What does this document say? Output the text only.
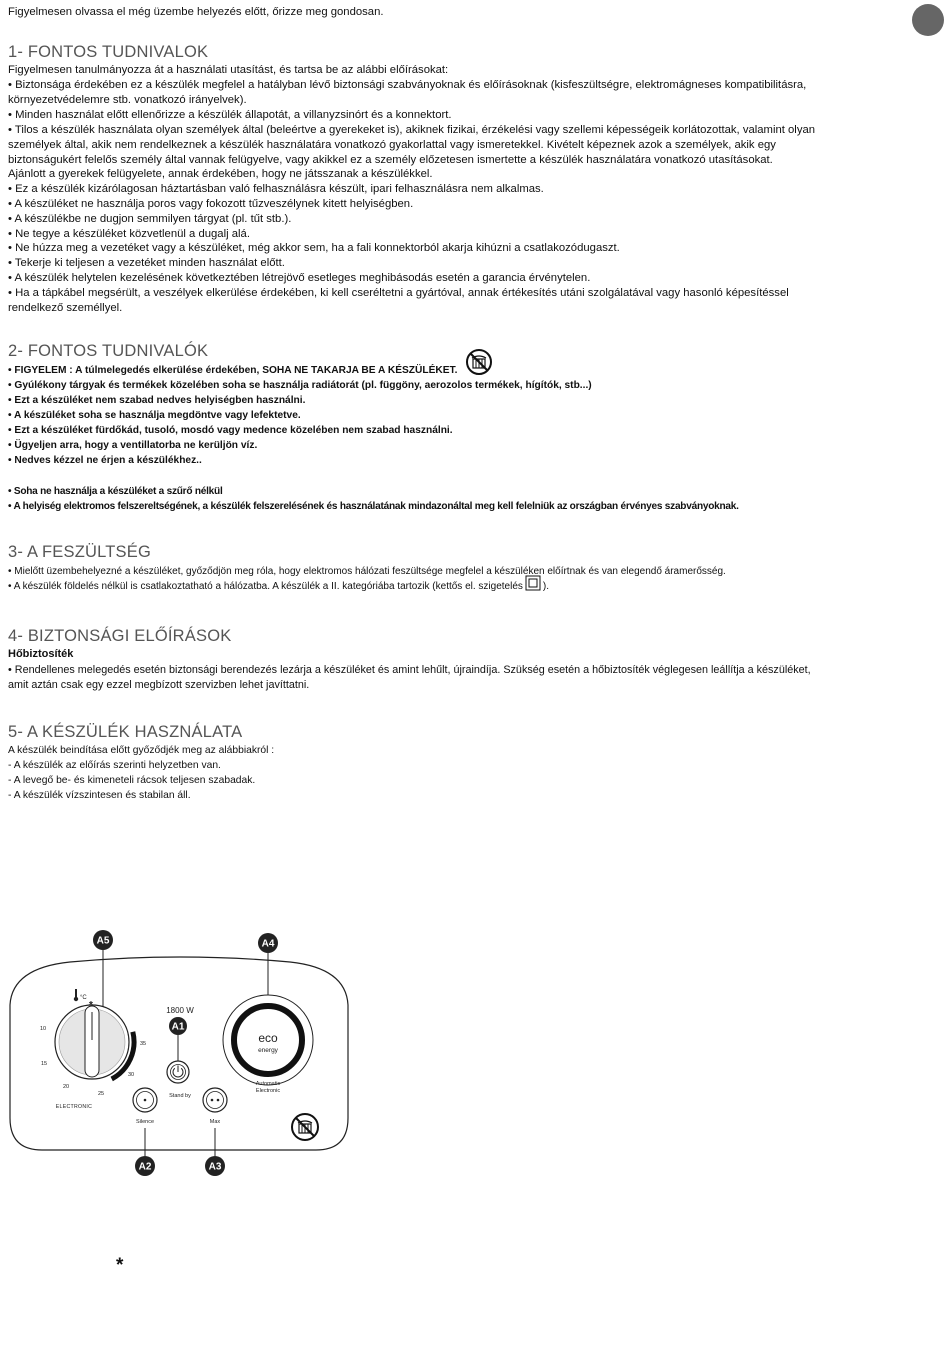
Figyelmesen olvassa el még üzembe helyezés előtt, őrizze meg gondosan.
1- FONTOS TUDNIVALOK
Figyelmesen tanulmányozza át a használati utasítást, és tartsa be az alábbi előírásokat:
• Biztonsága érdekében ez a készülék megfelel a hatályban lévő biztonsági szabványoknak és előírásoknak (kisfeszültségre, elektromágneses kompatibilitásra,
környezetvédelemre stb. vonatkozó irányelvek).
• Minden használat előtt ellenőrizze a készülék állapotát, a villanyzsinórt és a konnektort.
• Tilos a készülék használata olyan személyek által (beleértve a gyerekeket is), akiknek fizikai, érzékelési vagy szellemi képességeik korlátozottak, valamint olyan
személyek által, akik nem rendelkeznek a készülék használatára vonatkozó gyakorlattal vagy ismeretekkel. Kivételt képeznek azok a személyek, akik egy
biztonságukért felelős személy által vannak felügyelve, vagy akikkel ez a személy előzetesen ismertette a készülék használatára vonatkozó utasításokat.
Ajánlott a gyerekek felügyelete, annak érdekében, hogy ne játsszanak a készülékkel.
• Ez a készülék kizárólagosan háztartásban való felhasználásra készült, ipari felhasználásra nem alkalmas.
• A készüléket ne használja poros vagy fokozott tűzveszélynek kitett helyiségben.
• A készülékbe ne dugjon semmilyen tárgyat (pl. tűt stb.).
• Ne tegye a készüléket közvetlenül a dugalj alá.
• Ne húzza meg a vezetéket vagy a készüléket, még akkor sem, ha a fali konnektorból akarja kihúzni a csatlakozódugaszt.
• Tekerje ki teljesen a vezetéket minden használat előtt.
• A készülék helytelen kezelésének következtében létrejövő esetleges meghibásodás esetén a garancia érvénytelen.
• Ha a tápkábel megsérült, a veszélyek elkerülése érdekében, ki kell cseréltetni a gyártóval, annak értékesítés utáni szolgálatával vagy hasonló képesítéssel
rendelkező személlyel.
2- FONTOS TUDNIVALÓK
• FIGYELEM : A túlmelegedés elkerülése érdekében, SOHA NE TAKARJA BE A KÉSZÜLÉKET.
• Gyúlékony tárgyak és termékek közelében soha se használja radiátorát (pl. függöny, aerozolos termékek, hígítók, stb...)
• Ezt a készüléket nem szabad nedves helyiségben használni.
• A készüléket soha se használja megdöntve vagy lefektetve.
• Ezt a készüléket fürdőkád, tusoló, mosdó vagy medence közelében nem szabad használni.
• Ügyeljen arra, hogy a ventillatorba ne kerüljön víz.
• Nedves kézzel ne érjen a készülékhez..
• Soha ne használja a készüléket a szűrő nélkül
• A helyiség elektromos felszereltségének, a készülék felszerelésének és használatának mindazonáltal meg kell felelniük az országban érvényes szabványoknak.
3- A FESZÜLTSÉG
• Mielőtt üzembehelyezné a készüléket, győződjön meg róla, hogy elektromos hálózati feszültsége megfelel a készüléken előírtnak és van elegendő áramerősség.
• A készülék földelés nélkül is csatlakoztatható a hálózatba. A készülék a II. kategóriába tartozik (kettős el. szigetelés ).
4- BIZTONSÁGI ELŐÍRÁSOK
Hőbiztosíték
• Rendellenes melegedés esetén biztonsági berendezés lezárja a készüléket és amint lehűlt, újraindíja. Szükség esetén a hőbiztosíték véglegesen leállítja a készüléket,
amit aztán csak egy ezzel megbízott szervizben lehet javíttatni.
5- A KÉSZÜLÉK HASZNÁLATA
A készülék beindítása előtt győződjék meg az alábbiakról :
- A készülék az előírás szerinti helyzetben van.
- A levegő be- és kimeneteli rácsok teljesen szabadak.
- A készülék vízszintesen és stabilan áll.
°C
*
10
15
20
25
30
35
ELECTRONIC
1800 W
Stand by
Silence	Max
eco
energy
Automatic
Electronic
A5	A4
A1
A2	A3
*
